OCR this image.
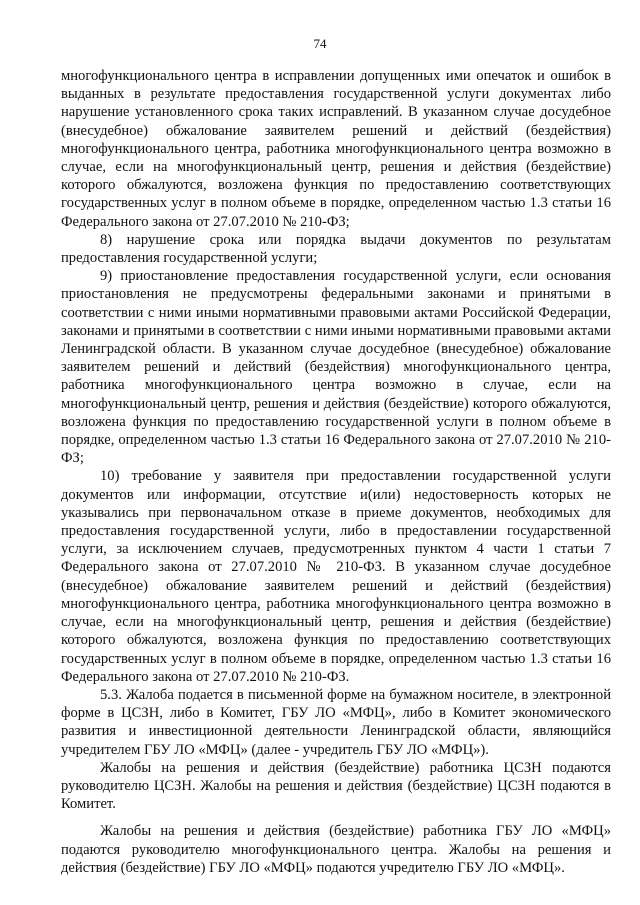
74

многофункционального центра в исправлении допущенных ими опечаток и ошибок в выданных в результате предоставления государственной услуги документах либо нарушение установленного срока таких исправлений. В указанном случае досудебное (внесудебное) обжалование заявителем решений и действий (бездействия) многофункционального центра, работника многофункционального центра возможно в случае, если на многофункциональный центр, решения и действия (бездействие) которого обжалуются, возложена функция по предоставлению соответствующих государственных услуг в полном объеме в порядке, определенном частью 1.3 статьи 16 Федерального закона от 27.07.2010 № 210-ФЗ;

8) нарушение срока или порядка выдачи документов по результатам предоставления государственной услуги;

9) приостановление предоставления государственной услуги, если основания приостановления не предусмотрены федеральными законами и принятыми в соответствии с ними иными нормативными правовыми актами Российской Федерации, законами и принятыми в соответствии с ними иными нормативными правовыми актами Ленинградской области. В указанном случае досудебное (внесудебное) обжалование заявителем решений и действий (бездействия) многофункционального центра, работника многофункционального центра возможно в случае, если на многофункциональный центр, решения и действия (бездействие) которого обжалуются, возложена функция по предоставлению государственной услуги в полном объеме в порядке, определенном частью 1.3 статьи 16 Федерального закона от 27.07.2010 № 210-ФЗ;

10) требование у заявителя при предоставлении государственной услуги документов или информации, отсутствие и(или) недостоверность которых не указывались при первоначальном отказе в приеме документов, необходимых для предоставления государственной услуги, либо в предоставлении государственной услуги, за исключением случаев, предусмотренных пунктом 4 части 1 статьи 7 Федерального закона от 27.07.2010 № 210-ФЗ. В указанном случае досудебное (внесудебное) обжалование заявителем решений и действий (бездействия) многофункционального центра, работника многофункционального центра возможно в случае, если на многофункциональный центр, решения и действия (бездействие) которого обжалуются, возложена функция по предоставлению соответствующих государственных услуг в полном объеме в порядке, определенном частью 1.3 статьи 16 Федерального закона от 27.07.2010 № 210-ФЗ.

5.3. Жалоба подается в письменной форме на бумажном носителе, в электронной форме в ЦСЗН, либо в Комитет, ГБУ ЛО «МФЦ», либо в Комитет экономического развития и инвестиционной деятельности Ленинградской области, являющийся учредителем ГБУ ЛО «МФЦ» (далее - учредитель ГБУ ЛО «МФЦ»).

Жалобы на решения и действия (бездействие) работника ЦСЗН подаются руководителю ЦСЗН. Жалобы на решения и действия (бездействие) ЦСЗН подаются в Комитет.

Жалобы на решения и действия (бездействие) работника ГБУ ЛО «МФЦ» подаются руководителю многофункционального центра. Жалобы на решения и действия (бездействие) ГБУ ЛО «МФЦ» подаются учредителю ГБУ ЛО «МФЦ».
